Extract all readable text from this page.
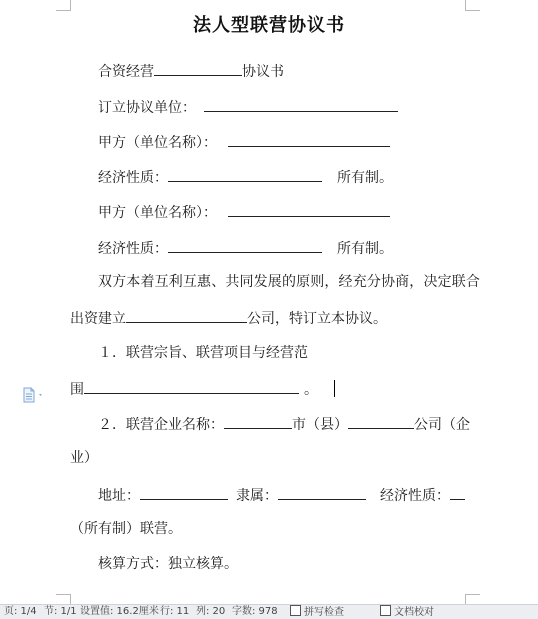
法人型联营协议书
合资经营	协议书
订立协议单位：
甲方（单位名称）：
经济性质：	所有制。
甲方（单位名称）：
经济性质：	所有制。
双方本着互利互惠、共同发展的原则，经充分协商，决定联合
出资建立	公司，特订立本协议。
１．联营宗旨、联营项目与经营范
围	。
２．联营企业名称：	市（县）	公司（企
业）
地址：	隶属：	经济性质：
（所有制）联营。
核算方式：独立核算。
页: 1/4 节: 1/1 设置值: 16.2厘米 行: 11 列: 20 字数: 978	拼写检查	文档校对
